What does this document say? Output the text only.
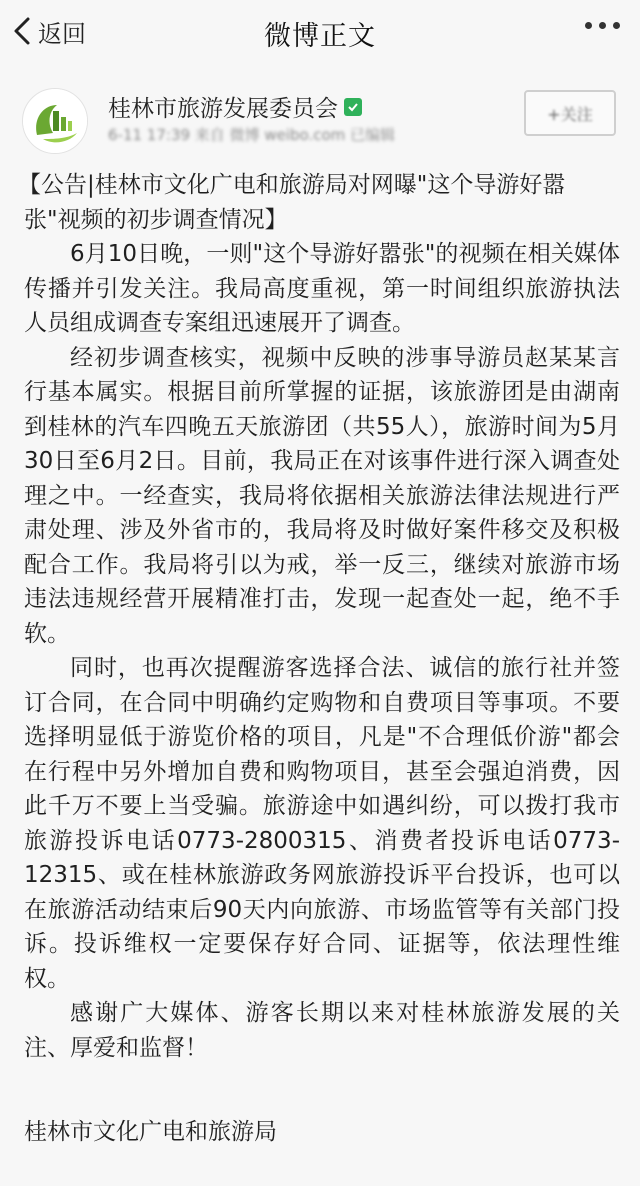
返回	微博正文
桂林市旅游发展委员会
6-11 17:39 来自 微博 weibo.com 已编辑
+关注

【公告|桂林市文化广电和旅游局对网曝"这个导游好嚣张"视频的初步调查情况】

6月10日晚，一则"这个导游好嚣张"的视频在相关媒体传播并引发关注。我局高度重视，第一时间组织旅游执法人员组成调查专案组迅速展开了调查。

经初步调查核实，视频中反映的涉事导游员赵某某言行基本属实。根据目前所掌握的证据，该旅游团是由湖南到桂林的汽车四晚五天旅游团（共55人），旅游时间为5月30日至6月2日。目前，我局正在对该事件进行深入调查处理之中。一经查实，我局将依据相关旅游法律法规进行严肃处理、涉及外省市的，我局将及时做好案件移交及积极配合工作。我局将引以为戒，举一反三，继续对旅游市场违法违规经营开展精准打击，发现一起查处一起，绝不手软。

同时，也再次提醒游客选择合法、诚信的旅行社并签订合同，在合同中明确约定购物和自费项目等事项。不要选择明显低于游览价格的项目，凡是"不合理低价游"都会在行程中另外增加自费和购物项目，甚至会强迫消费，因此千万不要上当受骗。旅游途中如遇纠纷，可以拨打我市旅游投诉电话0773-2800315、消费者投诉电话0773-12315、或在桂林旅游政务网旅游投诉平台投诉，也可以在旅游活动结束后90天内向旅游、市场监管等有关部门投诉。投诉维权一定要保存好合同、证据等，依法理性维权。

感谢广大媒体、游客长期以来对桂林旅游发展的关注、厚爱和监督！

桂林市文化广电和旅游局
